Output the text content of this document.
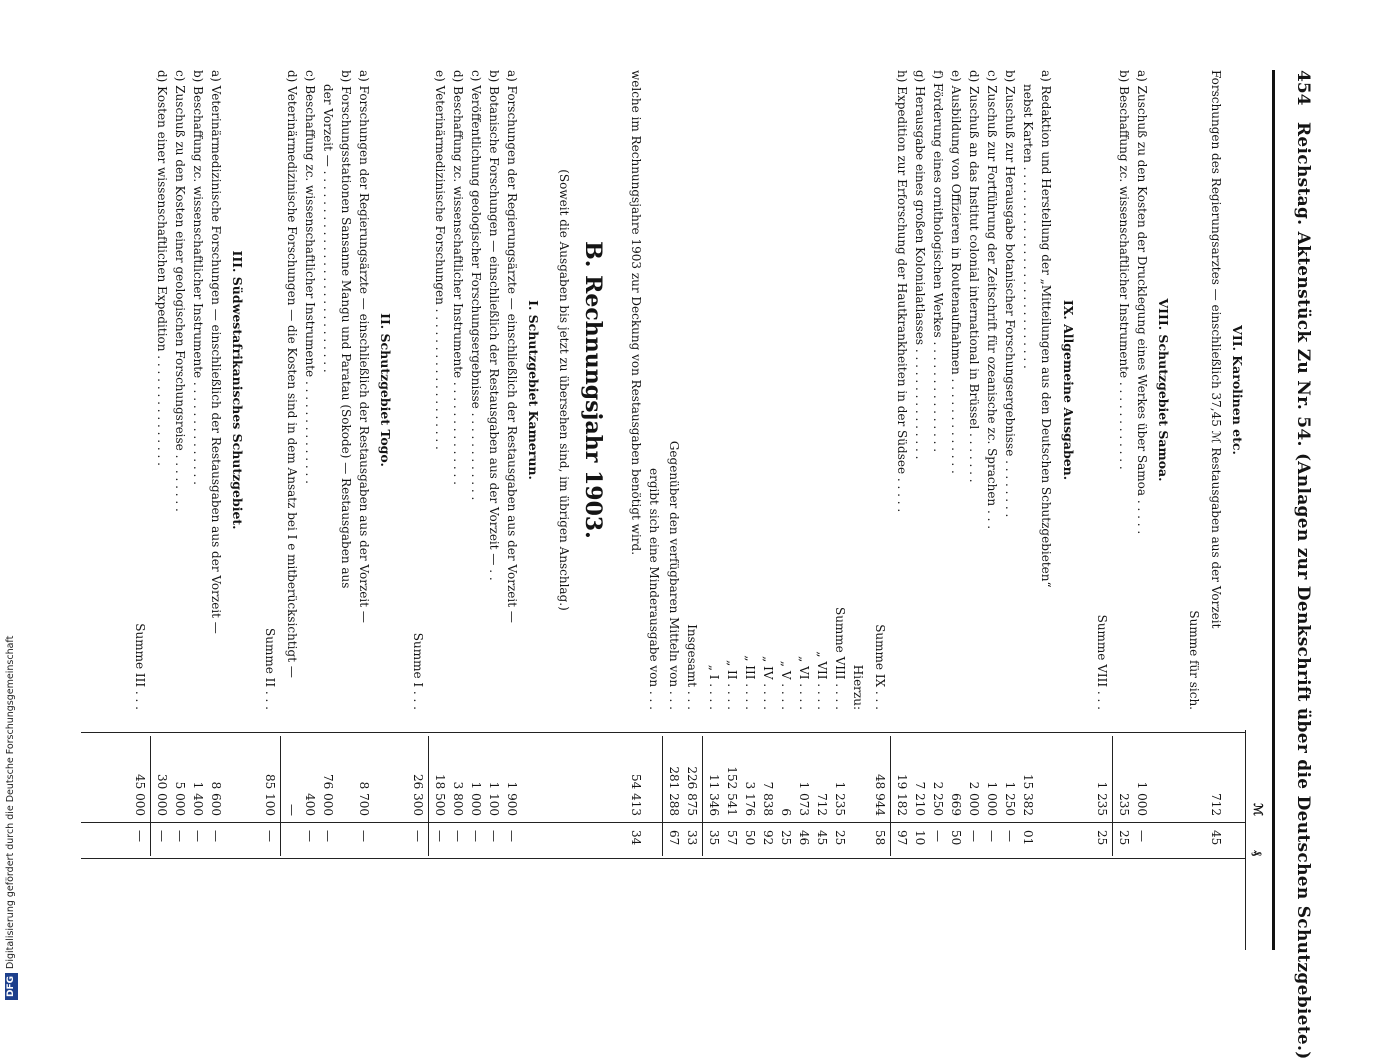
454
Reichstag. Aktenstück Zu Nr. 54. (Anlagen zur Denkschrift über die Deutschen Schutzgebiete.)
ℳ
₰
VII. Karolinen etc.
Forschungen des Regierungsarztes — einschließlich 37,45 ℳ Restausgaben aus der Vorzeit
Summe für sich.
VIII. Schutzgebiet Samoa.
a) Zuschuß zu den Kosten der Drucklegung eines Werkes über Samoa . . . . .
b) Beschaffung zc. wissenschaftlicher Instrumente . . . . . . . . . . . .
Summe VIII . . .
IX. Allgemeine Ausgaben.
a) Redaktion und Herstellung der „Mitteilungen aus den Deutschen Schutzgebieten“
nebst Karten . . . . . . . . . . . . . . . . . . . . . . . . . . .
b) Zuschuß zur Herausgabe botanischer Forschungsergebnisse . . . . . . . .
c) Zuschuß zur Fortführung der Zeitschrift für ozeanische zc. Sprachen . . .
d) Zuschuß an das Institut colonial international in Brüssel . . . . . . .
e) Ausbildung von Offizieren in Routenaufnahmen . . . . . . . . . . . . .
f) Förderung eines ornithologischen Werkes . . . . . . . . . . . . . . .
g) Herausgabe eines großen Kolonialatlasses . . . . . . . . . . . . . . .
h) Expedition zur Erforschung der Hautkrankheiten in der Südsee . . . . .
Summe IX . . .
Hierzu:
Summe VIII . . . .
„ VII . . . .
„ VI . . . .
„ V . . . .
„ IV . . . .
„ III . . . .
„ II . . . .
„ I . . . .
Insgesamt . . .
Gegenüber den verfügbaren Mitteln von . . .
ergibt sich eine Minderausgabe von . . .
welche im Rechnungsjahre 1903 zur Deckung von Restausgaben benötigt wird.
B. Rechnungsjahr 1903.
(Soweit die Ausgaben bis jetzt zu übersehen sind, im übrigen Anschlag.)
I. Schutzgebiet Kamerun.
a) Forschungen der Regierungsärzte — einschließlich der Restausgaben aus der Vorzeit —
b) Botanische Forschungen — einschließlich der Restausgaben aus der Vorzeit — . .
c) Veröffentlichung geologischer Forschungsergebnisse . . . . . . . . . . . .
d) Beschaffung zc. wissenschaftlicher Instrumente . . . . . . . . . . . . . .
e) Veterinärmedizinische Forschungen . . . . . . . . . . . . . . . . . . .
Summe I . . .
II. Schutzgebiet Togo.
a) Forschungen der Regierungsärzte — einschließlich der Restausgaben aus der Vorzeit —
b) Forschungsstationen Sansanne Mangu und Paratau (Sokode) — Restausgaben aus
der Vorzeit — . . . . . . . . . . . . . . . . . . . . . . . . . . .
c) Beschaffung zc. wissenschaftlicher Instrumente . . . . . . . . . . . . . .
d) Veterinärmedizinische Forschungen — die Kosten sind in dem Ansatz bei I e mitberücksichtigt —
Summe II . . .
III. Südwestafrikanisches Schutzgebiet.
a) Veterinärmedizinische Forschungen — einschließlich der Restausgaben aus der Vorzeit —
b) Beschaffung zc. wissenschaftlicher Instrumente . . . . . . . . . . . . . .
c) Zuschuß zu den Kosten einer geologischen Forschungsreise . . . . . . . .
d) Kosten einer wissenschaftlichen Expedition . . . . . . . . . . . . . . .
Summe III . . .
712
45
1 000
—
235
25
1 235
25
15 382
01
1 250
—
1 000
—
2 000
—
669
50
2 250
—
7 210
10
19 182
97
48 944
58
1 235
25
712
45
1 073
46
6
25
7 838
92
3 176
50
152 541
57
11 346
35
226 875
33
281 288
67
54 413
34
1 900
—
1 100
—
1 000
—
3 800
—
18 500
—
26 300
—
8 700
—
76 000
—
400
—
—
85 100
—
8 600
—
1 400
—
5 000
—
30 000
—
45 000
—
DFGDigitalisierung gefördert durch die Deutsche Forschungsgemeinschaft
